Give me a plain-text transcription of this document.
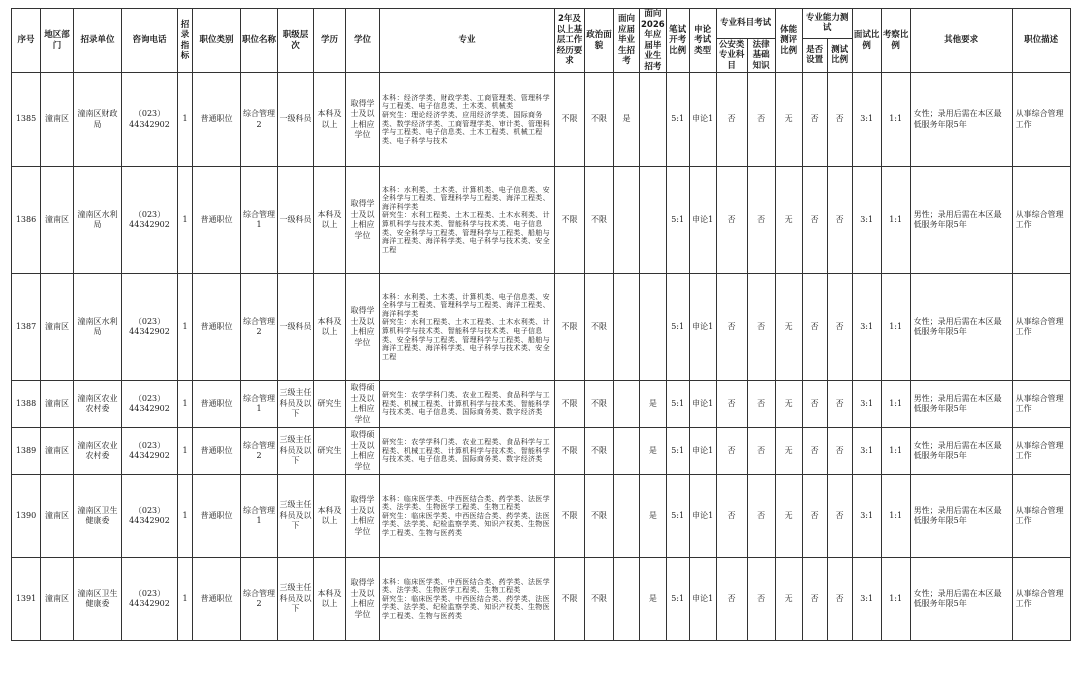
序号	地区部门	招录单位	咨询电话	招录指标	职位类别	职位名称	职级层次	学历	学位	专业	2年及以上基层工作经历要求	政治面貌	面向应届毕业生招考	面向2026年应届毕业生招考	笔试开考比例	申论考试类型	专业科目考试		体能测评比例	专业能力测试		面试比例	考察比例	其他要求	职位描述
																	公安类专业科目	法律基础知识		是否设置	测试比例				
1385	潼南区	潼南区财政局	（023）44342902	1	普通职位	综合管理2	一级科员	本科及以上	取得学士及以上相应学位	本科：经济学类、财政学类、工商管理类、管理科学与工程类、电子信息类、土木类、机械类
研究生：理论经济学类、应用经济学类、国际商务类、数学经济学类、工商管理学类、审计类、管理科学与工程类、电子信息类、土木工程类、机械工程类、电子科学与技术	不限	不限	是		5:1	申论1	否	否	无	否	否	3:1	1:1	女性；录用后需在本区最低服务年限5年	从事综合管理工作
1386	潼南区	潼南区水利局	（023）44342902	1	普通职位	综合管理1	一级科员	本科及以上	取得学士及以上相应学位	本科：水利类、土木类、计算机类、电子信息类、安全科学与工程类、管理科学与工程类、海洋工程类、海洋科学类
研究生：水利工程类、土木工程类、土木水利类、计算机科学与技术类、智能科学与技术类、电子信息类、安全科学与工程类、管理科学与工程类、船舶与海洋工程类、海洋科学类、电子科学与技术类、安全工程	不限	不限			5:1	申论1	否	否	无	否	否	3:1	1:1	男性；录用后需在本区最低服务年限5年	从事综合管理工作
1387	潼南区	潼南区水利局	（023）44342902	1	普通职位	综合管理2	一级科员	本科及以上	取得学士及以上相应学位	本科：水利类、土木类、计算机类、电子信息类、安全科学与工程类、管理科学与工程类、海洋工程类、海洋科学类
研究生：水利工程类、土木工程类、土木水利类、计算机科学与技术类、智能科学与技术类、电子信息类、安全科学与工程类、管理科学与工程类、船舶与海洋工程类、海洋科学类、电子科学与技术类、安全工程	不限	不限			5:1	申论1	否	否	无	否	否	3:1	1:1	女性；录用后需在本区最低服务年限5年	从事综合管理工作
1388	潼南区	潼南区农业农村委	（023）44342902	1	普通职位	综合管理1	三级主任科员及以下	研究生	取得硕士及以上相应学位	研究生：农学学科门类、农业工程类、食品科学与工程类、机械工程类、计算机科学与技术类、智能科学与技术类、电子信息类、国际商务类、数字经济类	不限	不限		是	5:1	申论1	否	否	无	否	否	3:1	1:1	男性；录用后需在本区最低服务年限5年	从事综合管理工作
1389	潼南区	潼南区农业农村委	（023）44342902	1	普通职位	综合管理2	三级主任科员及以下	研究生	取得硕士及以上相应学位	研究生：农学学科门类、农业工程类、食品科学与工程类、机械工程类、计算机科学与技术类、智能科学与技术类、电子信息类、国际商务类、数字经济类	不限	不限		是	5:1	申论1	否	否	无	否	否	3:1	1:1	女性；录用后需在本区最低服务年限5年	从事综合管理工作
1390	潼南区	潼南区卫生健康委	（023）44342902	1	普通职位	综合管理1	三级主任科员及以下	本科及以上	取得学士及以上相应学位	本科：临床医学类、中西医结合类、药学类、法医学类、法学类、生物医学工程类、生物工程类
研究生：临床医学类、中西医结合类、药学类、法医学类、法学类、纪检监察学类、知识产权类、生物医学工程类、生物与医药类	不限	不限		是	5:1	申论1	否	否	无	否	否	3:1	1:1	男性；录用后需在本区最低服务年限5年	从事综合管理工作
1391	潼南区	潼南区卫生健康委	（023）44342902	1	普通职位	综合管理2	三级主任科员及以下	本科及以上	取得学士及以上相应学位	本科：临床医学类、中西医结合类、药学类、法医学类、法学类、生物医学工程类、生物工程类
研究生：临床医学类、中西医结合类、药学类、法医学类、法学类、纪检监察学类、知识产权类、生物医学工程类、生物与医药类	不限	不限		是	5:1	申论1	否	否	无	否	否	3:1	1:1	女性；录用后需在本区最低服务年限5年	从事综合管理工作
